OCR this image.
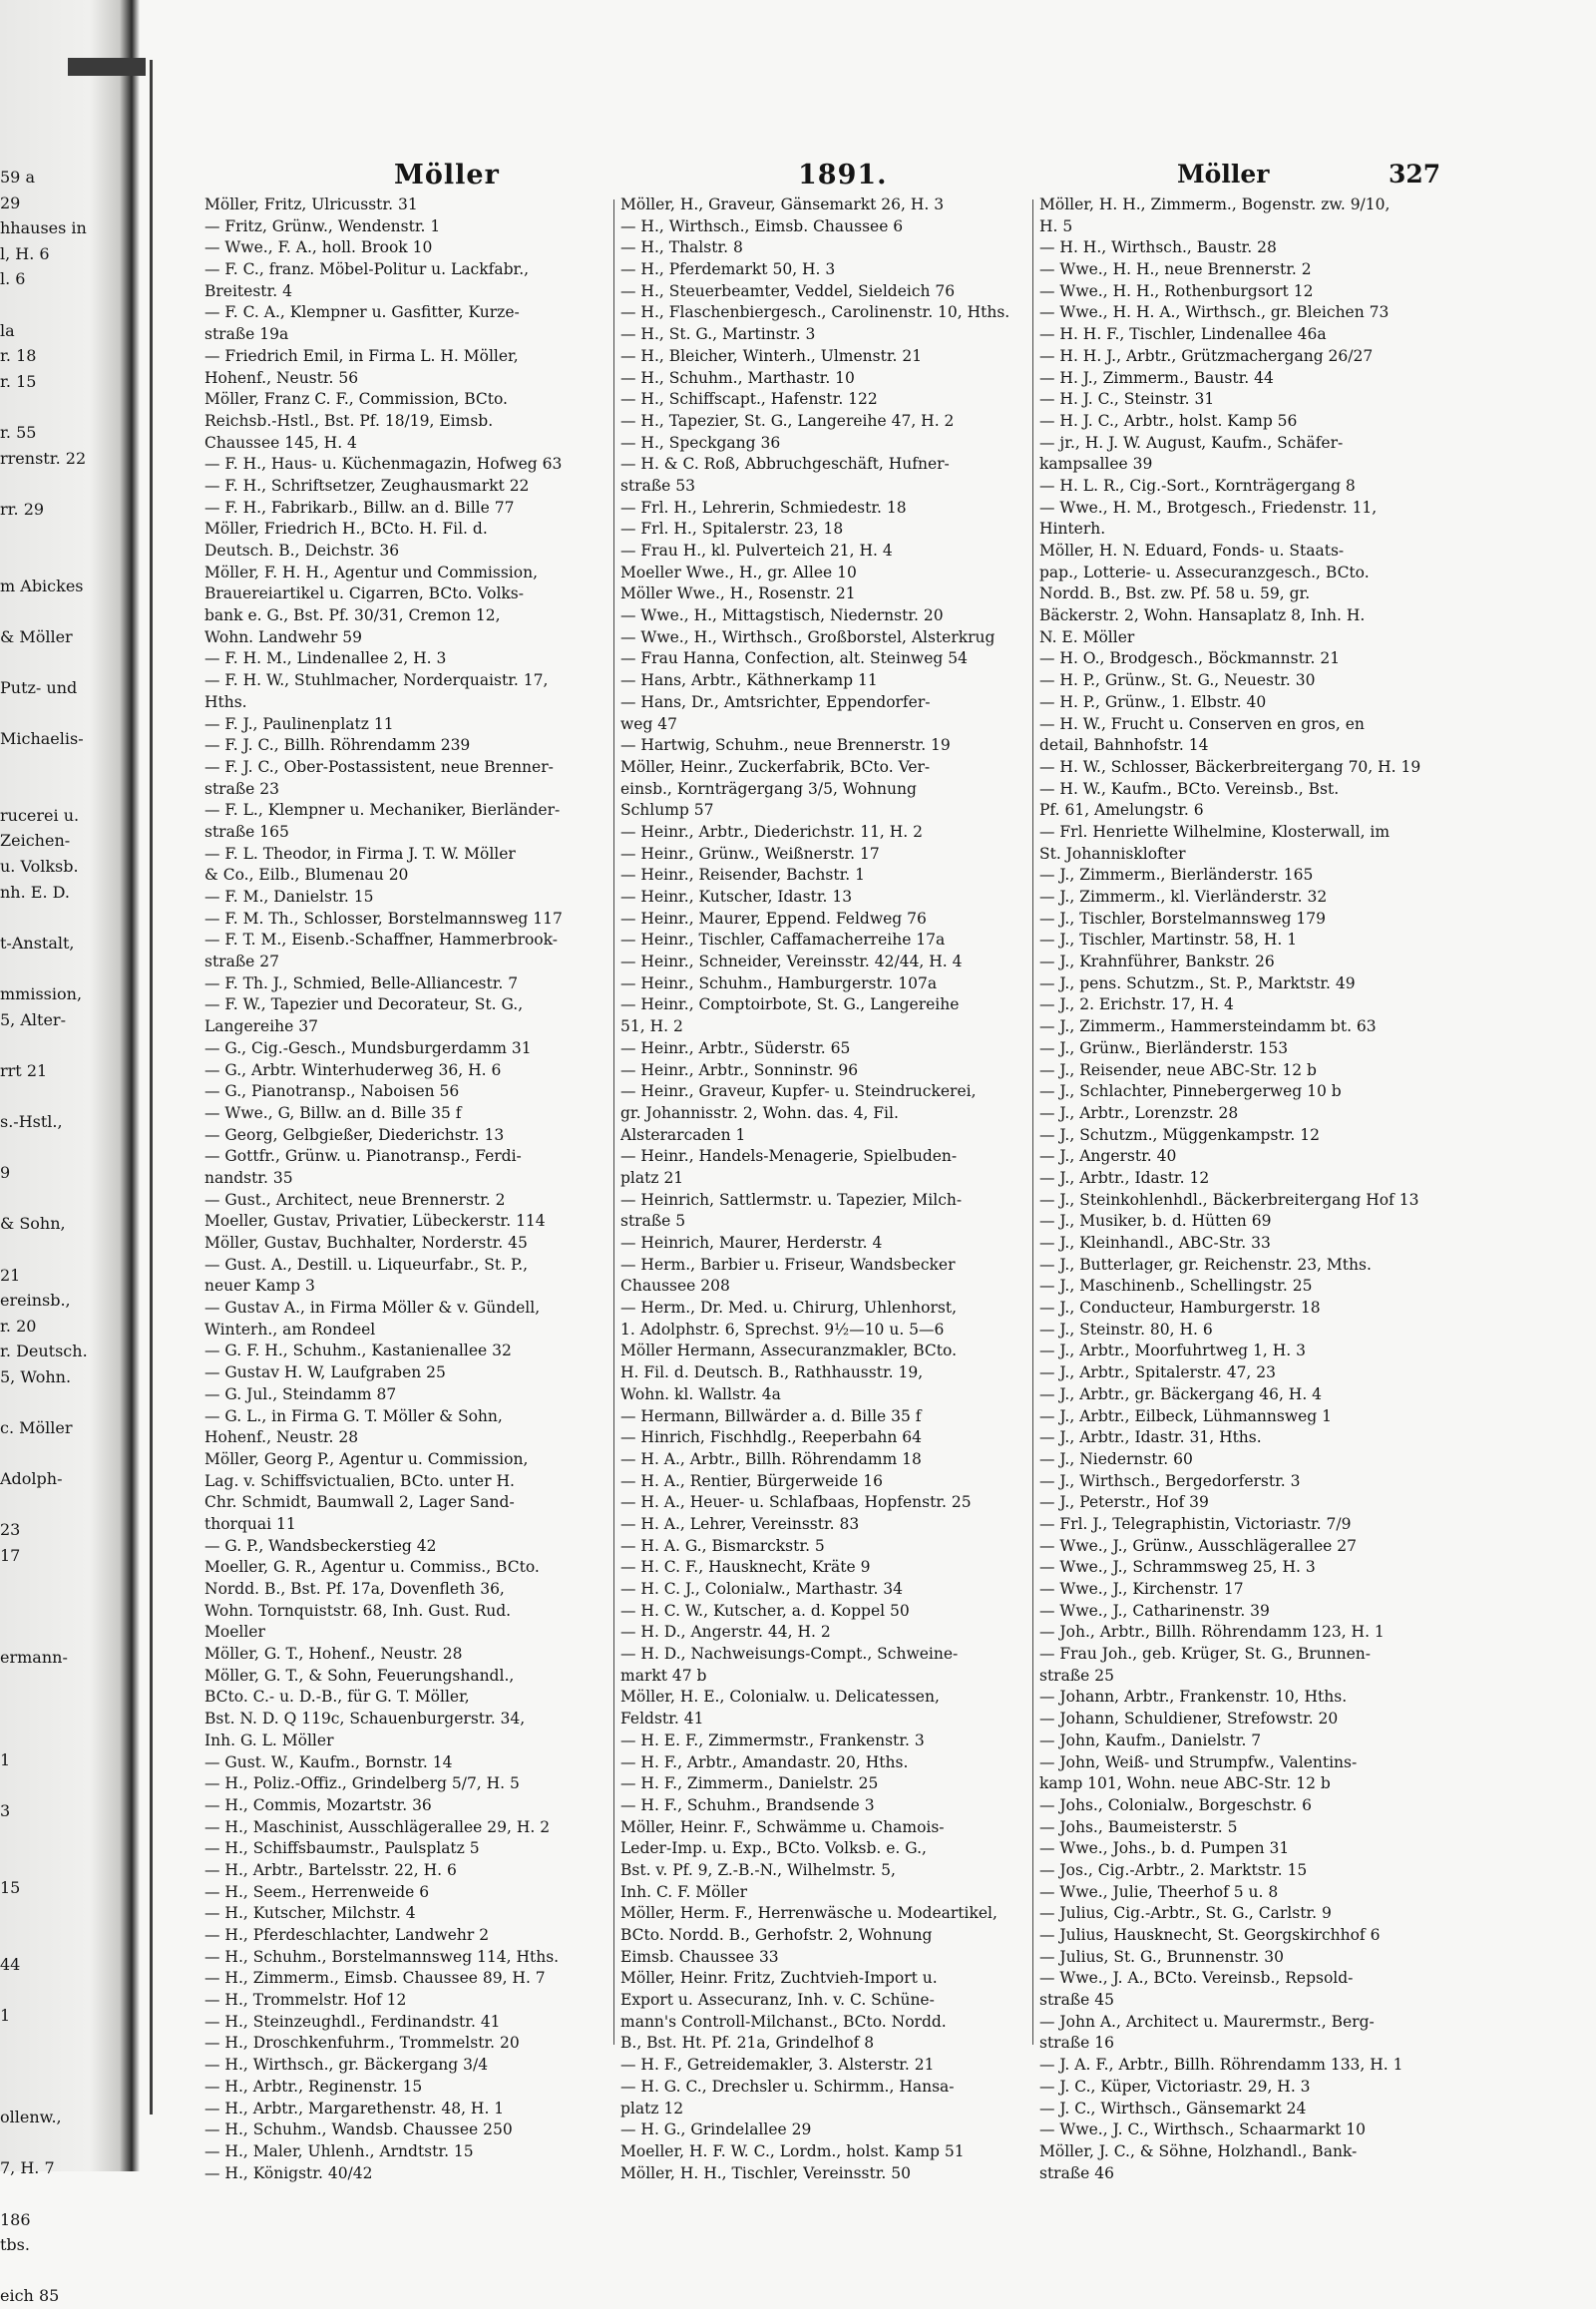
59 a
29
hhauses in
l, H. 6
l. 6
la
r. 18
r. 15
r. 55
rrenstr. 22
rr. 29
m Abickes
& Möller
Putz- und
Michaelis-
rucerei u.
Zeichen-
u. Volksb.
nh. E. D.
t-Anstalt,
mmission,
5, Alter-
rrt 21
s.-Hstl.,
9
& Sohn,
21
ereinsb.,
r. 20
r. Deutsch.
5, Wohn.
c. Möller
Adolph-
23
17
ermann-
1
3
15
44
1
ollenw.,
7, H. 7
186
tbs.
eich 85
Möller	1891.	Möller	327
Möller, Fritz, Ulricusstr. 31
— Fritz, Grünw., Wendenstr. 1
— Wwe., F. A., holl. Brook 10
— F. C., franz. Möbel-Politur u. Lackfabr.,
Breitestr. 4
— F. C. A., Klempner u. Gasfitter, Kurze-
straße 19a
— Friedrich Emil, in Firma L. H. Möller,
Hohenf., Neustr. 56
Möller, Franz C. F., Commission, BCto.
Reichsb.-Hstl., Bst. Pf. 18/19, Eimsb.
Chaussee 145, H. 4
— F. H., Haus- u. Küchenmagazin, Hofweg 63
— F. H., Schriftsetzer, Zeughausmarkt 22
— F. H., Fabrikarb., Billw. an d. Bille 77
Möller, Friedrich H., BCto. H. Fil. d.
Deutsch. B., Deichstr. 36
Möller, F. H. H., Agentur und Commission,
Brauereiartikel u. Cigarren, BCto. Volks-
bank e. G., Bst. Pf. 30/31, Cremon 12,
Wohn. Landwehr 59
— F. H. M., Lindenallee 2, H. 3
— F. H. W., Stuhlmacher, Norderquaistr. 17,
Hths.
— F. J., Paulinenplatz 11
— F. J. C., Billh. Röhrendamm 239
— F. J. C., Ober-Postassistent, neue Brenner-
straße 23
— F. L., Klempner u. Mechaniker, Bierländer-
straße 165
— F. L. Theodor, in Firma J. T. W. Möller
& Co., Eilb., Blumenau 20
— F. M., Danielstr. 15
— F. M. Th., Schlosser, Borstelmannsweg 117
— F. T. M., Eisenb.-Schaffner, Hammerbrook-
straße 27
— F. Th. J., Schmied, Belle-Alliancestr. 7
— F. W., Tapezier und Decorateur, St. G.,
Langereihe 37
— G., Cig.-Gesch., Mundsburgerdamm 31
— G., Arbtr. Winterhuderweg 36, H. 6
— G., Pianotransp., Naboisen 56
— Wwe., G, Billw. an d. Bille 35 f
— Georg, Gelbgießer, Diederichstr. 13
— Gottfr., Grünw. u. Pianotransp., Ferdi-
nandstr. 35
— Gust., Architect, neue Brennerstr. 2
Moeller, Gustav, Privatier, Lübeckerstr. 114
Möller, Gustav, Buchhalter, Norderstr. 45
— Gust. A., Destill. u. Liqueurfabr., St. P.,
neuer Kamp 3
— Gustav A., in Firma Möller & v. Gündell,
Winterh., am Rondeel
— G. F. H., Schuhm., Kastanienallee 32
— Gustav H. W, Laufgraben 25
— G. Jul., Steindamm 87
— G. L., in Firma G. T. Möller & Sohn,
Hohenf., Neustr. 28
Möller, Georg P., Agentur u. Commission,
Lag. v. Schiffsvictualien, BCto. unter H.
Chr. Schmidt, Baumwall 2, Lager Sand-
thorquai 11
— G. P., Wandsbeckerstieg 42
Moeller, G. R., Agentur u. Commiss., BCto.
Nordd. B., Bst. Pf. 17a, Dovenfleth 36,
Wohn. Tornquiststr. 68, Inh. Gust. Rud.
Moeller
Möller, G. T., Hohenf., Neustr. 28
Möller, G. T., & Sohn, Feuerungshandl.,
BCto. C.- u. D.-B., für G. T. Möller,
Bst. N. D. Q 119c, Schauenburgerstr. 34,
Inh. G. L. Möller
— Gust. W., Kaufm., Bornstr. 14
— H., Poliz.-Offiz., Grindelberg 5/7, H. 5
— H., Commis, Mozartstr. 36
— H., Maschinist, Ausschlägerallee 29, H. 2
— H., Schiffsbaumstr., Paulsplatz 5
— H., Arbtr., Bartelsstr. 22, H. 6
— H., Seem., Herrenweide 6
— H., Kutscher, Milchstr. 4
— H., Pferdeschlachter, Landwehr 2
— H., Schuhm., Borstelmannsweg 114, Hths.
— H., Zimmerm., Eimsb. Chaussee 89, H. 7
— H., Trommelstr. Hof 12
— H., Steinzeughdl., Ferdinandstr. 41
— H., Droschkenfuhrm., Trommelstr. 20
— H., Wirthsch., gr. Bäckergang 3/4
— H., Arbtr., Reginenstr. 15
— H., Arbtr., Margarethenstr. 48, H. 1
— H., Schuhm., Wandsb. Chaussee 250
— H., Maler, Uhlenh., Arndtstr. 15
— H., Königstr. 40/42
Möller, H., Graveur, Gänsemarkt 26, H. 3
— H., Wirthsch., Eimsb. Chaussee 6
— H., Thalstr. 8
— H., Pferdemarkt 50, H. 3
— H., Steuerbeamter, Veddel, Sieldeich 76
— H., Flaschenbiergesch., Carolinenstr. 10, Hths.
— H., St. G., Martinstr. 3
— H., Bleicher, Winterh., Ulmenstr. 21
— H., Schuhm., Marthastr. 10
— H., Schiffscapt., Hafenstr. 122
— H., Tapezier, St. G., Langereihe 47, H. 2
— H., Speckgang 36
— H. & C. Roß, Abbruchgeschäft, Hufner-
straße 53
— Frl. H., Lehrerin, Schmiedestr. 18
— Frl. H., Spitalerstr. 23, 18
— Frau H., kl. Pulverteich 21, H. 4
Moeller Wwe., H., gr. Allee 10
Möller Wwe., H., Rosenstr. 21
— Wwe., H., Mittagstisch, Niedernstr. 20
— Wwe., H., Wirthsch., Großborstel, Alsterkrug
— Frau Hanna, Confection, alt. Steinweg 54
— Hans, Arbtr., Käthnerkamp 11
— Hans, Dr., Amtsrichter, Eppendorfer-
weg 47
— Hartwig, Schuhm., neue Brennerstr. 19
Möller, Heinr., Zuckerfabrik, BCto. Ver-
einsb., Kornträgergang 3/5, Wohnung
Schlump 57
— Heinr., Arbtr., Diederichstr. 11, H. 2
— Heinr., Grünw., Weißnerstr. 17
— Heinr., Reisender, Bachstr. 1
— Heinr., Kutscher, Idastr. 13
— Heinr., Maurer, Eppend. Feldweg 76
— Heinr., Tischler, Caffamacherreihe 17a
— Heinr., Schneider, Vereinsstr. 42/44, H. 4
— Heinr., Schuhm., Hamburgerstr. 107a
— Heinr., Comptoirbote, St. G., Langereihe
51, H. 2
— Heinr., Arbtr., Süderstr. 65
— Heinr., Arbtr., Sonninstr. 96
— Heinr., Graveur, Kupfer- u. Steindruckerei,
gr. Johannisstr. 2, Wohn. das. 4, Fil.
Alsterarcaden 1
— Heinr., Handels-Menagerie, Spielbuden-
platz 21
— Heinrich, Sattlermstr. u. Tapezier, Milch-
straße 5
— Heinrich, Maurer, Herderstr. 4
— Herm., Barbier u. Friseur, Wandsbecker
Chaussee 208
— Herm., Dr. Med. u. Chirurg, Uhlenhorst,
1. Adolphstr. 6, Sprechst. 9½—10 u. 5—6
Möller Hermann, Assecuranzmakler, BCto.
H. Fil. d. Deutsch. B., Rathhausstr. 19,
Wohn. kl. Wallstr. 4a
— Hermann, Billwärder a. d. Bille 35 f
— Hinrich, Fischhdlg., Reeperbahn 64
— H. A., Arbtr., Billh. Röhrendamm 18
— H. A., Rentier, Bürgerweide 16
— H. A., Heuer- u. Schlafbaas, Hopfenstr. 25
— H. A., Lehrer, Vereinsstr. 83
— H. A. G., Bismarckstr. 5
— H. C. F., Hausknecht, Kräte 9
— H. C. J., Colonialw., Marthastr. 34
— H. C. W., Kutscher, a. d. Koppel 50
— H. D., Angerstr. 44, H. 2
— H. D., Nachweisungs-Compt., Schweine-
markt 47 b
Möller, H. E., Colonialw. u. Delicatessen,
Feldstr. 41
— H. E. F., Zimmermstr., Frankenstr. 3
— H. F., Arbtr., Amandastr. 20, Hths.
— H. F., Zimmerm., Danielstr. 25
— H. F., Schuhm., Brandsende 3
Möller, Heinr. F., Schwämme u. Chamois-
Leder-Imp. u. Exp., BCto. Volksb. e. G.,
Bst. v. Pf. 9, Z.-B.-N., Wilhelmstr. 5,
Inh. C. F. Möller
Möller, Herm. F., Herrenwäsche u. Modeartikel,
BCto. Nordd. B., Gerhofstr. 2, Wohnung
Eimsb. Chaussee 33
Möller, Heinr. Fritz, Zuchtvieh-Import u.
Export u. Assecuranz, Inh. v. C. Schüne-
mann's Controll-Milchanst., BCto. Nordd.
B., Bst. Ht. Pf. 21a, Grindelhof 8
— H. F., Getreidemakler, 3. Alsterstr. 21
— H. G. C., Drechsler u. Schirmm., Hansa-
platz 12
— H. G., Grindelallee 29
Moeller, H. F. W. C., Lordm., holst. Kamp 51
Möller, H. H., Tischler, Vereinsstr. 50
Möller, H. H., Zimmerm., Bogenstr. zw. 9/10,
H. 5
— H. H., Wirthsch., Baustr. 28
— Wwe., H. H., neue Brennerstr. 2
— Wwe., H. H., Rothenburgsort 12
— Wwe., H. H. A., Wirthsch., gr. Bleichen 73
— H. H. F., Tischler, Lindenallee 46a
— H. H. J., Arbtr., Grützmachergang 26/27
— H. J., Zimmerm., Baustr. 44
— H. J. C., Steinstr. 31
— H. J. C., Arbtr., holst. Kamp 56
— jr., H. J. W. August, Kaufm., Schäfer-
kampsallee 39
— H. L. R., Cig.-Sort., Kornträgergang 8
— Wwe., H. M., Brotgesch., Friedenstr. 11,
Hinterh.
Möller, H. N. Eduard, Fonds- u. Staats-
pap., Lotterie- u. Assecuranzgesch., BCto.
Nordd. B., Bst. zw. Pf. 58 u. 59, gr.
Bäckerstr. 2, Wohn. Hansaplatz 8, Inh. H.
N. E. Möller
— H. O., Brodgesch., Böckmannstr. 21
— H. P., Grünw., St. G., Neuestr. 30
— H. P., Grünw., 1. Elbstr. 40
— H. W., Frucht u. Conserven en gros, en
detail, Bahnhofstr. 14
— H. W., Schlosser, Bäckerbreitergang 70, H. 19
— H. W., Kaufm., BCto. Vereinsb., Bst.
Pf. 61, Amelungstr. 6
— Frl. Henriette Wilhelmine, Klosterwall, im
St. Johannisklofter
— J., Zimmerm., Bierländerstr. 165
— J., Zimmerm., kl. Vierländerstr. 32
— J., Tischler, Borstelmannsweg 179
— J., Tischler, Martinstr. 58, H. 1
— J., Krahnführer, Bankstr. 26
— J., pens. Schutzm., St. P., Marktstr. 49
— J., 2. Erichstr. 17, H. 4
— J., Zimmerm., Hammersteindamm bt. 63
— J., Grünw., Bierländerstr. 153
— J., Reisender, neue ABC-Str. 12 b
— J., Schlachter, Pinnebergerweg 10 b
— J., Arbtr., Lorenzstr. 28
— J., Schutzm., Müggenkampstr. 12
— J., Angerstr. 40
— J., Arbtr., Idastr. 12
— J., Steinkohlenhdl., Bäckerbreitergang Hof 13
— J., Musiker, b. d. Hütten 69
— J., Kleinhandl., ABC-Str. 33
— J., Butterlager, gr. Reichenstr. 23, Mths.
— J., Maschinenb., Schellingstr. 25
— J., Conducteur, Hamburgerstr. 18
— J., Steinstr. 80, H. 6
— J., Arbtr., Moorfuhrtweg 1, H. 3
— J., Arbtr., Spitalerstr. 47, 23
— J., Arbtr., gr. Bäckergang 46, H. 4
— J., Arbtr., Eilbeck, Lühmannsweg 1
— J., Arbtr., Idastr. 31, Hths.
— J., Niedernstr. 60
— J., Wirthsch., Bergedorferstr. 3
— J., Peterstr., Hof 39
— Frl. J., Telegraphistin, Victoriastr. 7/9
— Wwe., J., Grünw., Ausschlägerallee 27
— Wwe., J., Schrammsweg 25, H. 3
— Wwe., J., Kirchenstr. 17
— Wwe., J., Catharinenstr. 39
— Joh., Arbtr., Billh. Röhrendamm 123, H. 1
— Frau Joh., geb. Krüger, St. G., Brunnen-
straße 25
— Johann, Arbtr., Frankenstr. 10, Hths.
— Johann, Schuldiener, Strefowstr. 20
— John, Kaufm., Danielstr. 7
— John, Weiß- und Strumpfw., Valentins-
kamp 101, Wohn. neue ABC-Str. 12 b
— Johs., Colonialw., Borgeschstr. 6
— Johs., Baumeisterstr. 5
— Wwe., Johs., b. d. Pumpen 31
— Jos., Cig.-Arbtr., 2. Marktstr. 15
— Wwe., Julie, Theerhof 5 u. 8
— Julius, Cig.-Arbtr., St. G., Carlstr. 9
— Julius, Hausknecht, St. Georgskirchhof 6
— Julius, St. G., Brunnenstr. 30
— Wwe., J. A., BCto. Vereinsb., Repsold-
straße 45
— John A., Architect u. Maurermstr., Berg-
straße 16
— J. A. F., Arbtr., Billh. Röhrendamm 133, H. 1
— J. C., Küper, Victoriastr. 29, H. 3
— J. C., Wirthsch., Gänsemarkt 24
— Wwe., J. C., Wirthsch., Schaarmarkt 10
Möller, J. C., & Söhne, Holzhandl., Bank-
straße 46
